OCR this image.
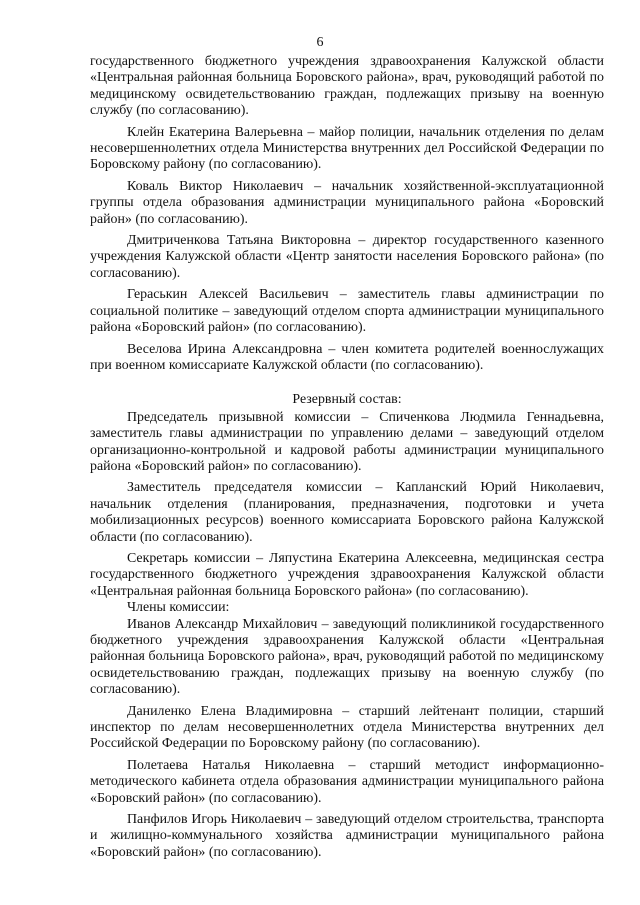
6

государственного бюджетного учреждения здравоохранения Калужской области «Центральная районная больница Боровского района», врач, руководящий работой по медицинскому освидетельствованию граждан, подлежащих призыву на военную службу (по согласованию).

Клейн Екатерина Валерьевна – майор полиции, начальник отделения по делам несовершеннолетних отдела Министерства внутренних дел Российской Федерации по Боровскому району (по согласованию).

Коваль Виктор Николаевич – начальник хозяйственной-эксплуатационной группы отдела образования администрации муниципального района «Боровский район» (по согласованию).

Дмитриченкова Татьяна Викторовна – директор государственного казенного учреждения Калужской области «Центр занятости населения Боровского района» (по согласованию).

Гераськин Алексей Васильевич – заместитель главы администрации по социальной политике – заведующий отделом спорта администрации муниципального района «Боровский район» (по согласованию).

Веселова Ирина Александровна – член комитета родителей военнослужащих при военном комиссариате Калужской области (по согласованию).

Резервный состав:

Председатель призывной комиссии – Спиченкова Людмила Геннадьевна, заместитель главы администрации по управлению делами – заведующий отделом организационно-контрольной и кадровой работы администрации муниципального района «Боровский район» по согласованию).

Заместитель председателя комиссии – Капланский Юрий Николаевич, начальник отделения (планирования, предназначения, подготовки и учета мобилизационных ресурсов) военного комиссариата Боровского района Калужской области (по согласованию).

Секретарь комиссии – Ляпустина Екатерина Алексеевна, медицинская сестра государственного бюджетного учреждения здравоохранения Калужской области «Центральная районная больница Боровского района» (по согласованию).

Члены комиссии:

Иванов Александр Михайлович – заведующий поликлиникой государственного бюджетного учреждения здравоохранения Калужской области «Центральная районная больница Боровского района», врач, руководящий работой по медицинскому освидетельствованию граждан, подлежащих призыву на военную службу (по согласованию).

Даниленко Елена Владимировна – старший лейтенант полиции, старший инспектор по делам несовершеннолетних отдела Министерства внутренних дел Российской Федерации по Боровскому району (по согласованию).

Полетаева Наталья Николаевна – старший методист информационно-методического кабинета отдела образования администрации муниципального района «Боровский район» (по согласованию).

Панфилов Игорь Николаевич – заведующий отделом строительства, транспорта и жилищно-коммунального хозяйства администрации муниципального района «Боровский район» (по согласованию).
